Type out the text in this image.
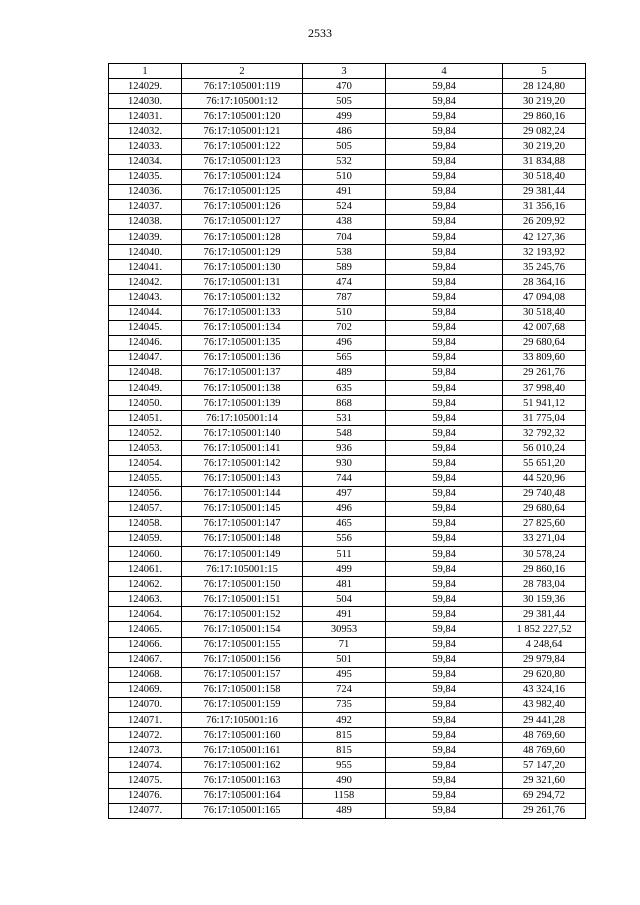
2533
1	2	3	4	5
124029.	76:17:105001:119	470	59,84	28 124,80
124030.	76:17:105001:12	505	59,84	30 219,20
124031.	76:17:105001:120	499	59,84	29 860,16
124032.	76:17:105001:121	486	59,84	29 082,24
124033.	76:17:105001:122	505	59,84	30 219,20
124034.	76:17:105001:123	532	59,84	31 834,88
124035.	76:17:105001:124	510	59,84	30 518,40
124036.	76:17:105001:125	491	59,84	29 381,44
124037.	76:17:105001:126	524	59,84	31 356,16
124038.	76:17:105001:127	438	59,84	26 209,92
124039.	76:17:105001:128	704	59,84	42 127,36
124040.	76:17:105001:129	538	59,84	32 193,92
124041.	76:17:105001:130	589	59,84	35 245,76
124042.	76:17:105001:131	474	59,84	28 364,16
124043.	76:17:105001:132	787	59,84	47 094,08
124044.	76:17:105001:133	510	59,84	30 518,40
124045.	76:17:105001:134	702	59,84	42 007,68
124046.	76:17:105001:135	496	59,84	29 680,64
124047.	76:17:105001:136	565	59,84	33 809,60
124048.	76:17:105001:137	489	59,84	29 261,76
124049.	76:17:105001:138	635	59,84	37 998,40
124050.	76:17:105001:139	868	59,84	51 941,12
124051.	76:17:105001:14	531	59,84	31 775,04
124052.	76:17:105001:140	548	59,84	32 792,32
124053.	76:17:105001:141	936	59,84	56 010,24
124054.	76:17:105001:142	930	59,84	55 651,20
124055.	76:17:105001:143	744	59,84	44 520,96
124056.	76:17:105001:144	497	59,84	29 740,48
124057.	76:17:105001:145	496	59,84	29 680,64
124058.	76:17:105001:147	465	59,84	27 825,60
124059.	76:17:105001:148	556	59,84	33 271,04
124060.	76:17:105001:149	511	59,84	30 578,24
124061.	76:17:105001:15	499	59,84	29 860,16
124062.	76:17:105001:150	481	59,84	28 783,04
124063.	76:17:105001:151	504	59,84	30 159,36
124064.	76:17:105001:152	491	59,84	29 381,44
124065.	76:17:105001:154	30953	59,84	1 852 227,52
124066.	76:17:105001:155	71	59,84	4 248,64
124067.	76:17:105001:156	501	59,84	29 979,84
124068.	76:17:105001:157	495	59,84	29 620,80
124069.	76:17:105001:158	724	59,84	43 324,16
124070.	76:17:105001:159	735	59,84	43 982,40
124071.	76:17:105001:16	492	59,84	29 441,28
124072.	76:17:105001:160	815	59,84	48 769,60
124073.	76:17:105001:161	815	59,84	48 769,60
124074.	76:17:105001:162	955	59,84	57 147,20
124075.	76:17:105001:163	490	59,84	29 321,60
124076.	76:17:105001:164	1158	59,84	69 294,72
124077.	76:17:105001:165	489	59,84	29 261,76
